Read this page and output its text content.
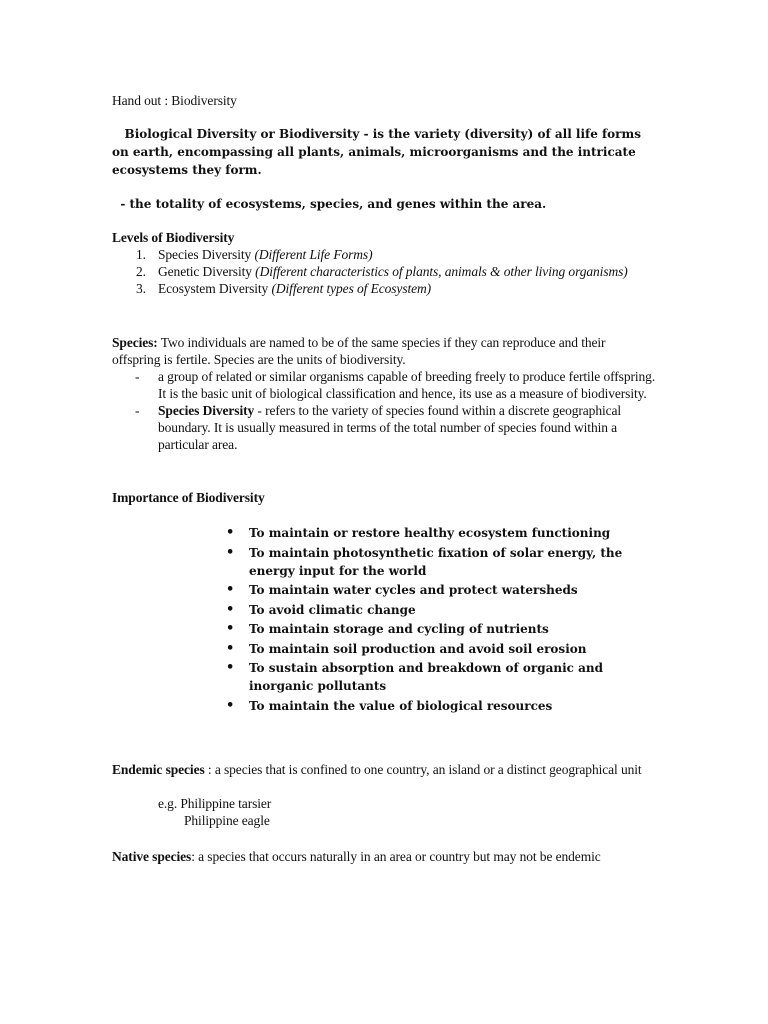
Hand out : Biodiversity
Biological Diversity or Biodiversity - is the variety (diversity) of all life forms on earth, encompassing all plants, animals, microorganisms and the intricate ecosystems they form.
- the totality of ecosystems, species, and genes within the area.
Levels of Biodiversity
1. Species Diversity (Different Life Forms)
2. Genetic Diversity (Different characteristics of plants, animals & other living organisms)
3. Ecosystem Diversity (Different types of Ecosystem)
Species: Two individuals are named to be of the same species if they can reproduce and their offspring is fertile. Species are the units of biodiversity.
- a group of related or similar organisms capable of breeding freely to produce fertile offspring. It is the basic unit of biological classification and hence, its use as a measure of biodiversity.
- Species Diversity - refers to the variety of species found within a discrete geographical boundary. It is usually measured in terms of the total number of species found within a particular area.
Importance of Biodiversity
• To maintain or restore healthy ecosystem functioning
• To maintain photosynthetic fixation of solar energy, the energy input for the world
• To maintain water cycles and protect watersheds
• To avoid climatic change
• To maintain storage and cycling of nutrients
• To maintain soil production and avoid soil erosion
• To sustain absorption and breakdown of organic and inorganic pollutants
• To maintain the value of biological resources
Endemic species : a species that is confined to one country, an island or a distinct geographical unit
e.g. Philippine tarsier
Philippine eagle
Native species: a species that occurs naturally in an area or country but may not be endemic
